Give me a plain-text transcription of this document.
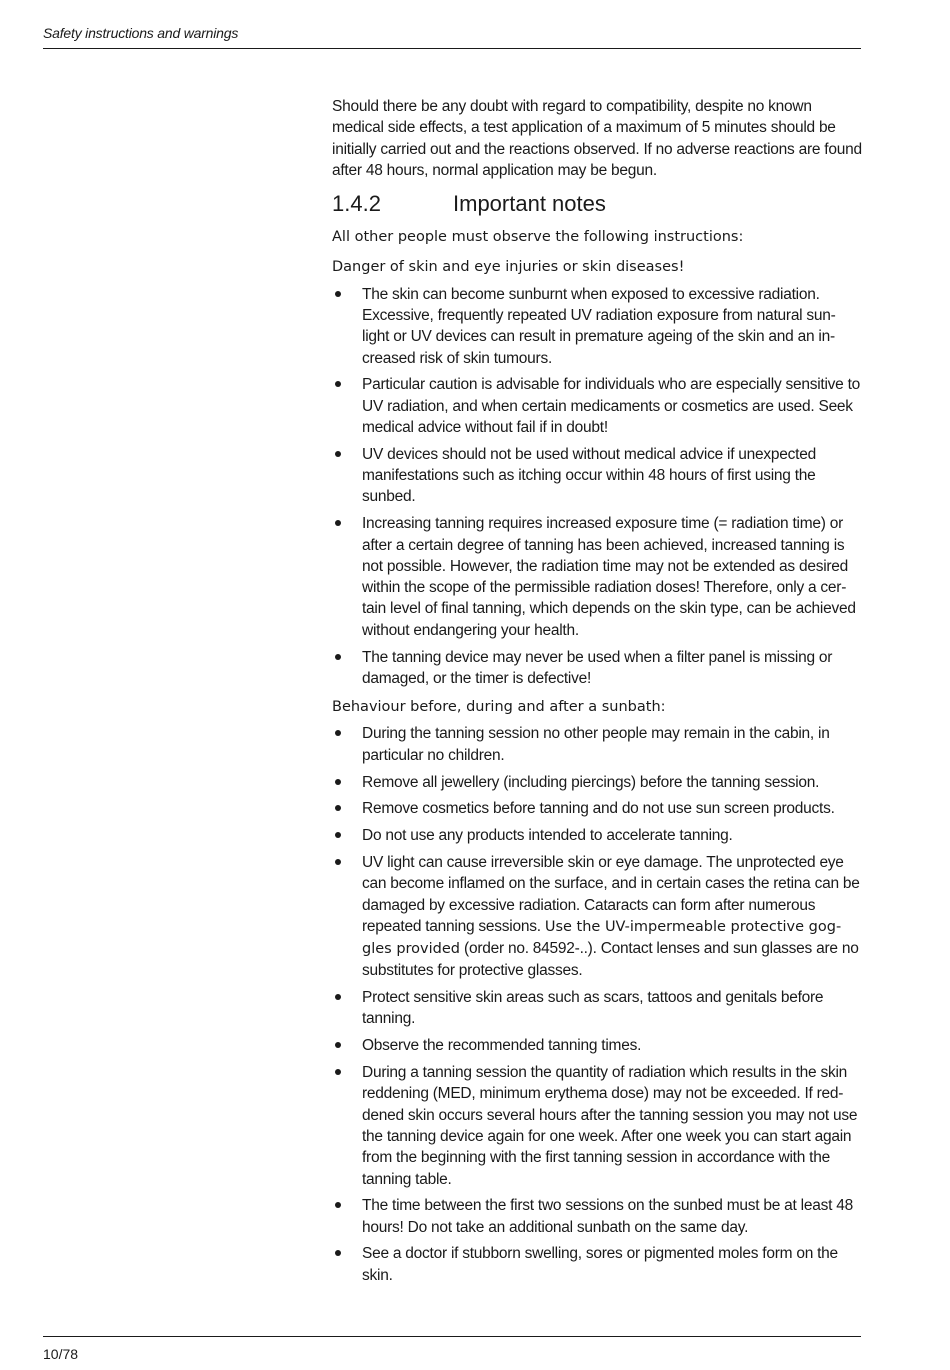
Safety instructions and warnings

Should there be any doubt with regard to compatibility, despite no known medical side effects, a test application of a maximum of 5 minutes should be initially carried out and the reactions observed. If no adverse reactions are found after 48 hours, normal application may be begun.

1.4.2	Important notes

All other people must observe the following instructions:

Danger of skin and eye injuries or skin diseases!

The skin can become sunburnt when exposed to excessive radiation. Excessive, frequently repeated UV radiation exposure from natural sun-light or UV devices can result in premature ageing of the skin and an in-creased risk of skin tumours.
Particular caution is advisable for individuals who are especially sensitive to UV radiation, and when certain medicaments or cosmetics are used. Seek medical advice without fail if in doubt!
UV devices should not be used without medical advice if unexpected manifestations such as itching occur within 48 hours of first using the sunbed.
Increasing tanning requires increased exposure time (= radiation time) or after a certain degree of tanning has been achieved, increased tanning is not possible. However, the radiation time may not be extended as desired within the scope of the permissible radiation doses! Therefore, only a cer-tain level of final tanning, which depends on the skin type, can be achieved without endangering your health.
The tanning device may never be used when a filter panel is missing or damaged, or the timer is defective!

Behaviour before, during and after a sunbath:

During the tanning session no other people may remain in the cabin, in particular no children.
Remove all jewellery (including piercings) before the tanning session.
Remove cosmetics before tanning and do not use sun screen products.
Do not use any products intended to accelerate tanning.
UV light can cause irreversible skin or eye damage. The unprotected eye can become inflamed on the surface, and in certain cases the retina can be damaged by excessive radiation. Cataracts can form after numerous repeated tanning sessions. Use the UV-impermeable protective gog-gles provided (order no. 84592-..). Contact lenses and sun glasses are no substitutes for protective glasses.
Protect sensitive skin areas such as scars, tattoos and genitals before tanning.
Observe the recommended tanning times.
During a tanning session the quantity of radiation which results in the skin reddening (MED, minimum erythema dose) may not be exceeded. If red-dened skin occurs several hours after the tanning session you may not use the tanning device again for one week. After one week you can start again from the beginning with the first tanning session in accordance with the tanning table.
The time between the first two sessions on the sunbed must be at least 48 hours! Do not take an additional sunbath on the same day.
See a doctor if stubborn swelling, sores or pigmented moles form on the skin.
10/78
